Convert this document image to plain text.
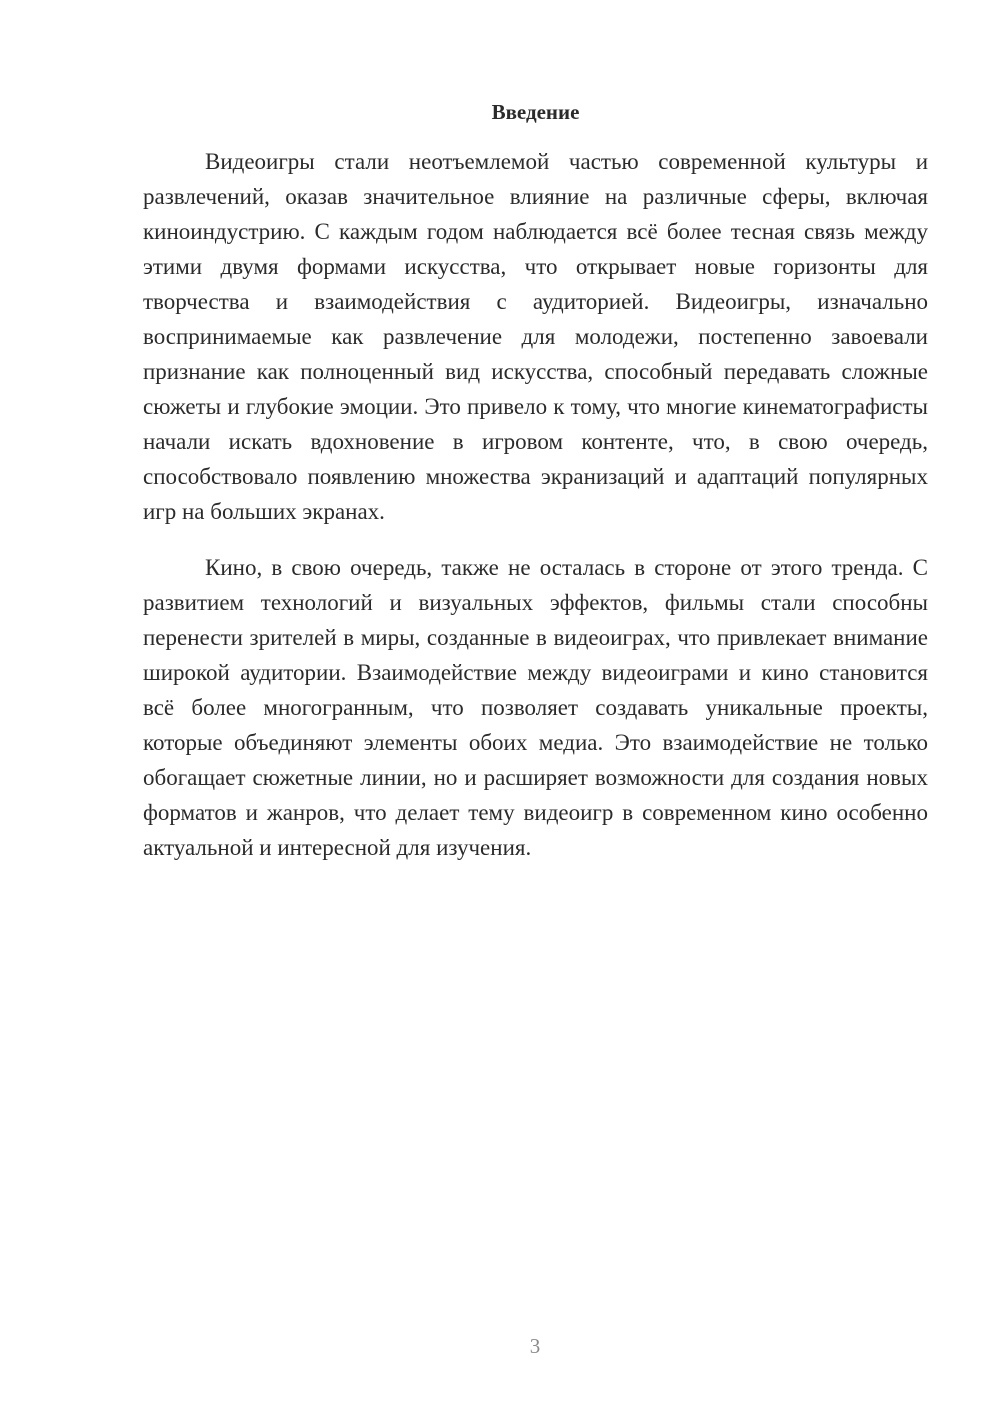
Введение

Видеоигры стали неотъемлемой частью современной культуры и развлечений, оказав значительное влияние на различные сферы, включая киноиндустрию. С каждым годом наблюдается всё более тесная связь между этими двумя формами искусства, что открывает новые горизонты для творчества и взаимодействия с аудиторией. Видеоигры, изначально воспринимаемые как развлечение для молодежи, постепенно завоевали признание как полноценный вид искусства, способный передавать сложные сюжеты и глубокие эмоции. Это привело к тому, что многие кинематографисты начали искать вдохновение в игровом контенте, что, в свою очередь, способствовало появлению множества экранизаций и адаптаций популярных игр на больших экранах.

Кино, в свою очередь, также не осталась в стороне от этого тренда. С развитием технологий и визуальных эффектов, фильмы стали способны перенести зрителей в миры, созданные в видеоиграх, что привлекает внимание широкой аудитории. Взаимодействие между видеоиграми и кино становится всё более многогранным, что позволяет создавать уникальные проекты, которые объединяют элементы обоих медиа. Это взаимодействие не только обогащает сюжетные линии, но и расширяет возможности для создания новых форматов и жанров, что делает тему видеоигр в современном кино особенно актуальной и интересной для изучения.

3
